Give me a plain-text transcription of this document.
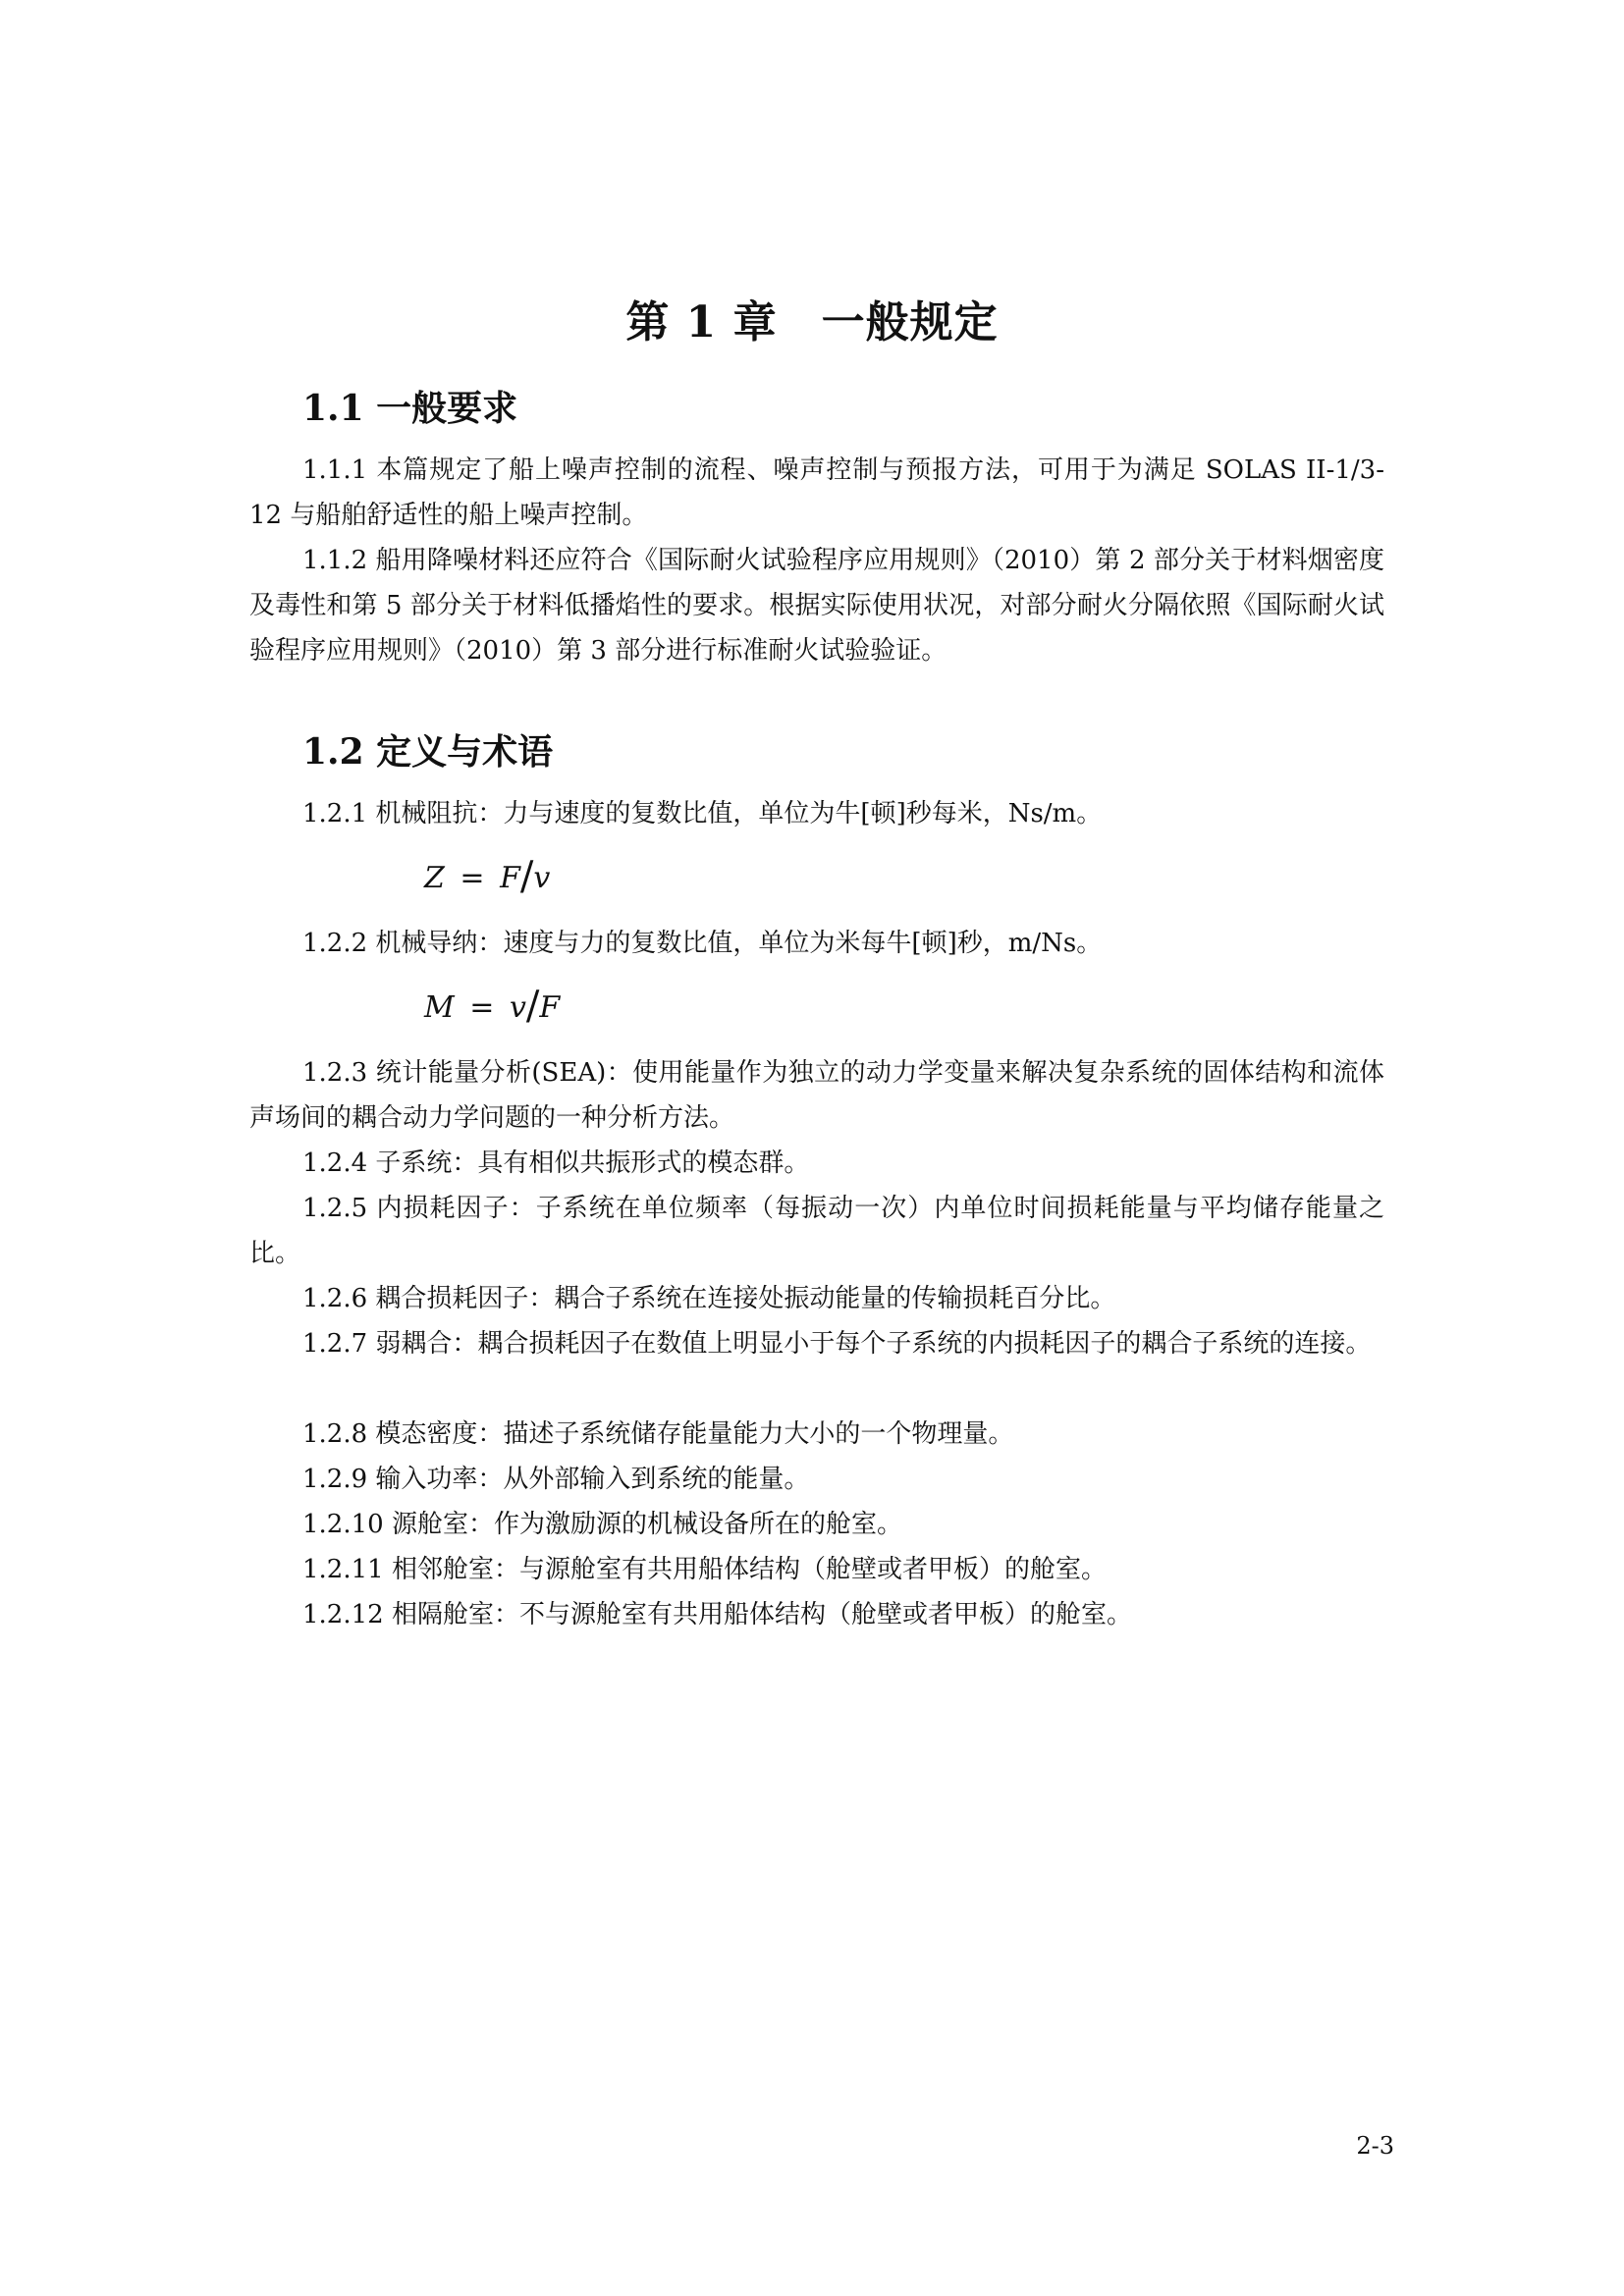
第 1 章　一般规定
1.1 一般要求
1.1.1 本篇规定了船上噪声控制的流程、噪声控制与预报方法，可用于为满足 SOLAS II-1/3-12 与船舶舒适性的船上噪声控制。
1.1.2 船用降噪材料还应符合《国际耐火试验程序应用规则》（2010）第 2 部分关于材料烟密度及毒性和第 5 部分关于材料低播焰性的要求。根据实际使用状况，对部分耐火分隔依照《国际耐火试验程序应用规则》（2010）第 3 部分进行标准耐火试验验证。
1.2 定义与术语
1.2.1 机械阻抗：力与速度的复数比值，单位为牛[顿]秒每米，Ns/m。
Z = F/v
1.2.2 机械导纳：速度与力的复数比值，单位为米每牛[顿]秒，m/Ns。
M = v/F
1.2.3 统计能量分析(SEA)：使用能量作为独立的动力学变量来解决复杂系统的固体结构和流体声场间的耦合动力学问题的一种分析方法。
1.2.4 子系统：具有相似共振形式的模态群。
1.2.5 内损耗因子：子系统在单位频率（每振动一次）内单位时间损耗能量与平均储存能量之比。
1.2.6 耦合损耗因子：耦合子系统在连接处振动能量的传输损耗百分比。
1.2.7 弱耦合：耦合损耗因子在数值上明显小于每个子系统的内损耗因子的耦合子系统的连接。
1.2.8 模态密度：描述子系统储存能量能力大小的一个物理量。
1.2.9 输入功率：从外部输入到系统的能量。
1.2.10 源舱室：作为激励源的机械设备所在的舱室。
1.2.11 相邻舱室：与源舱室有共用船体结构（舱壁或者甲板）的舱室。
1.2.12 相隔舱室：不与源舱室有共用船体结构（舱壁或者甲板）的舱室。
2-3
